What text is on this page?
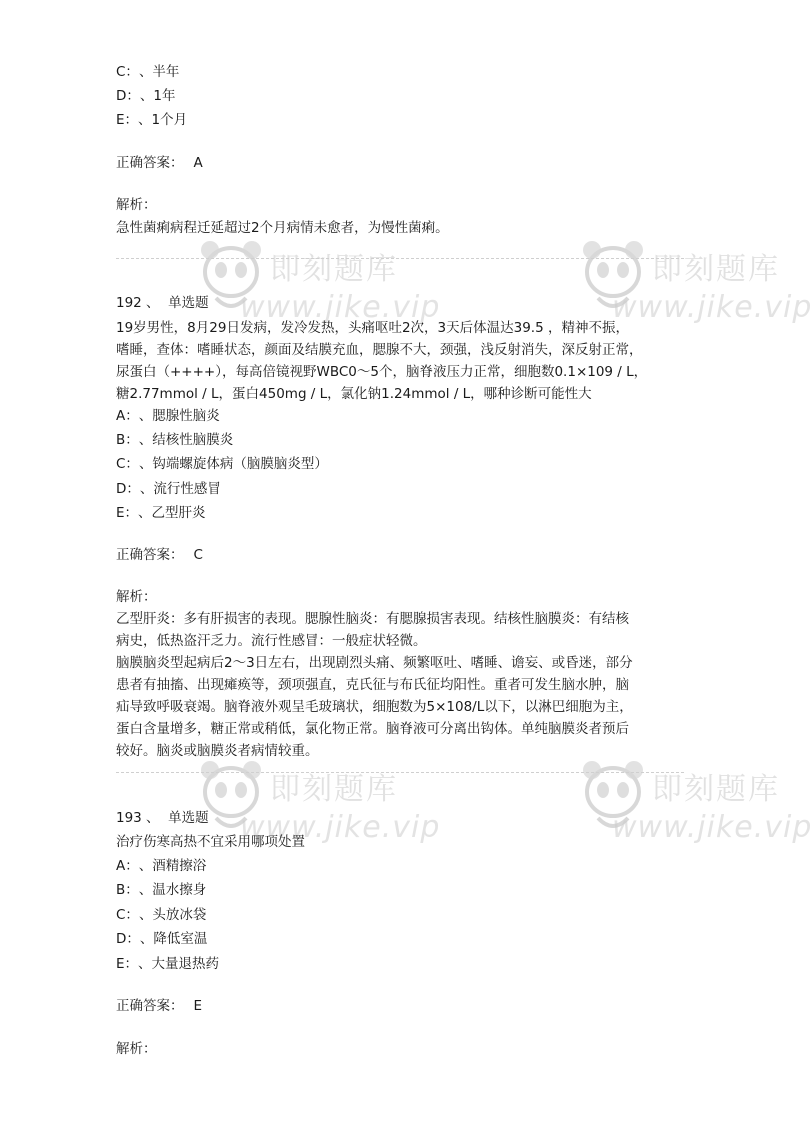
即刻题库
www.jike.vip
即刻题库
www.jike.vip
即刻题库
www.jike.vip
即刻题库
www.jike.vip
C：、半年
D：、1年
E：、1个月
正确答案： A
解析：
急性菌痢病程迁延超过2个月病情未愈者，为慢性菌痢。
192 、 单选题
19岁男性，8月29日发病，发冷发热，头痛呕吐2次，3天后体温达39.5 ，精神不振，
嗜睡，查体：嗜睡状态，颜面及结膜充血，腮腺不大，颈强，浅反射消失，深反射正常，
尿蛋白（++++），每高倍镜视野WBC0～5个，脑脊液压力正常，细胞数0.1×109 / L，
糖2.77mmol / L，蛋白450mg / L，氯化钠1.24mmol / L，哪种诊断可能性大
A：、腮腺性脑炎
B：、结核性脑膜炎
C：、钩端螺旋体病（脑膜脑炎型）
D：、流行性感冒
E：、乙型肝炎
正确答案： C
解析：
乙型肝炎：多有肝损害的表现。腮腺性脑炎：有腮腺损害表现。结核性脑膜炎：有结核
病史，低热盗汗乏力。流行性感冒：一般症状轻微。
脑膜脑炎型起病后2～3日左右，出现剧烈头痛、频繁呕吐、嗜睡、谵妄、或昏迷，部分
患者有抽搐、出现瘫痪等，颈项强直，克氏征与布氏征均阳性。重者可发生脑水肿，脑
疝导致呼吸衰竭。脑脊液外观呈毛玻璃状，细胞数为5×108/L以下，以淋巴细胞为主，
蛋白含量增多，糖正常或稍低，氯化物正常。脑脊液可分离出钩体。单纯脑膜炎者预后
较好。脑炎或脑膜炎者病情较重。
193 、 单选题
治疗伤寒高热不宜采用哪项处置
A：、酒精擦浴
B：、温水擦身
C：、头放冰袋
D：、降低室温
E：、大量退热药
正确答案： E
解析：
